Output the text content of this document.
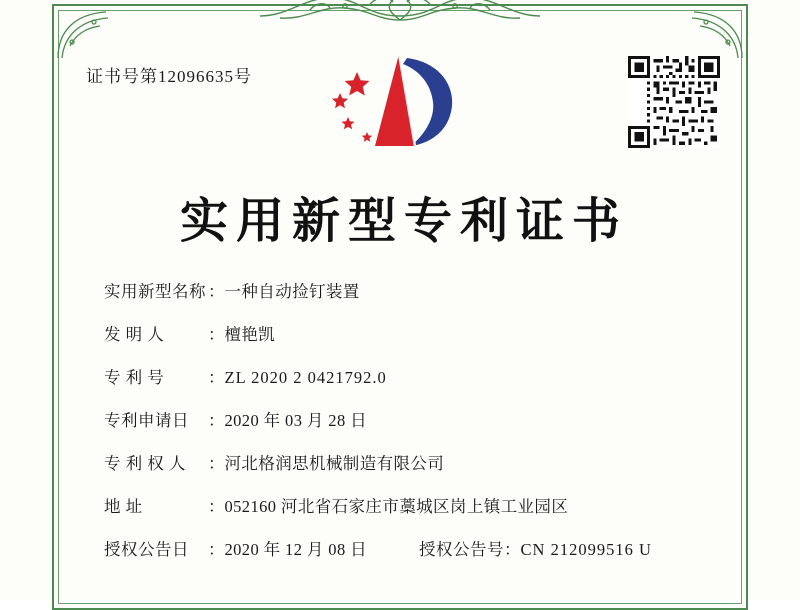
证书号第12096635号
实用新型专利证书
实用新型名称 ： 一种自动捡钉装置
发 明 人	： 檀艳凯
专 利 号	： ZL 2020 2 0421792.0
专利申请日	： 2020 年 03 月 28 日
专 利 权 人	： 河北格润思机械制造有限公司
地 址	： 052160 河北省石家庄市藁城区岗上镇工业园区
授权公告日	： 2020 年 12 月 08 日	授权公告号 ： CN 212099516 U
